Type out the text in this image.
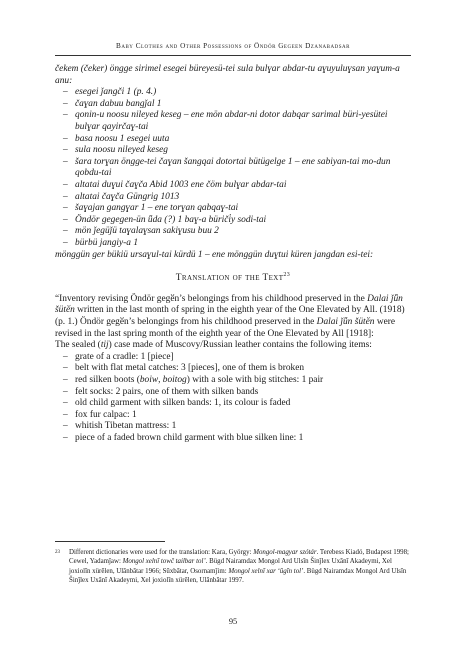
Baby Clothes and Other Possessions of Öndör Gegeen Dzanabadsar

čekem (čeker) öngge sirimel esegei büreyesü-tei sula bulɣar abdar-tu aɣuyuluɣsan yaɣum-a anu:

– esegei ǰangči 1 (p. 4.)
– čaɣan dabuu bangǰal 1
– qonin-u noosu nileyed keseg – ene mön abdar-ni dotor dabqar sarimal büri-yesütei bulɣar qayirčaɣ-tai
– basa noosu 1 esegei uuta
– sula noosu nileyed keseg
– šara torɣan öngge-tei čaɣan šangqai dotortai bütügelge 1 – ene sabiyan-tai mo-dun qobdu-tai
– altatai duɣui čaɣča Abid 1003 ene čöm bulɣar abdar-tai
– altatai čaɣča Güngrig 1013
– šaɣajan gangɣar 1 – ene torɣan qabqaɣ-tai
– Öndör gegegen-ün ǖda (?) 1 baɣ-a büriči̇y sodi-tai
– mön ǰegüǰü taɣalaɣsan sakiɣusu buu 2
– bürbü jangiy-a 1

mönggün ger bükiü ursaɣul-tai kürdü 1 – ene mönggün duɣtui küren jangdan esi-tei:

Translation of the Text$^{23}$

“Inventory revising Öndör gegӗn’s belongings from his childhood preserved in the Dalai ǰǖn šütӗn written in the last month of spring in the eighth year of the One Elevated by All. (1918)

(p. 1.) Öndör gegӗn’s belongings from his childhood preserved in the Dalai ǰǖn šütӗn were revised in the last spring month of the eighth year of the One Elevated by All [1918]:

The sealed (tij) case made of Muscovy/Russian leather contains the following items:

– grate of a cradle: 1 [piece]
– belt with flat metal catches: 3 [pieces], one of them is broken
– red silken boots (boiw, boitog) with a sole with big stitches: 1 pair
– felt socks: 2 pairs, one of them with silken bands
– old child garment with silken bands: 1, its colour is faded
– fox fur calpac: 1
– whitish Tibetan mattress: 1
– piece of a faded brown child garment with blue silken line: 1
23	Different dictionaries were used for the translation: Kara, György: Mongol-magyar szótár. Terebess Kiadó, Budapest 1998; Cewel, Yadamǰaw: Mongol xelnī towč tailbar tol’. Bügd Nairamdax Mongol Ard Ulsīn Šinǰlex Uxānī Akadeymi, Xel joxiolīn xürēlen, Ulānbātar 1966; Sūxbātar, Osornamǰim: Mongol xelnī xar ‘ūgīn tol’. Bügd Nairamdax Mongol Ard Ulsīn Šinǰlex Uxānī Akadeymi, Xel joxiolīn xürēlen, Ulānbātar 1997.
95
